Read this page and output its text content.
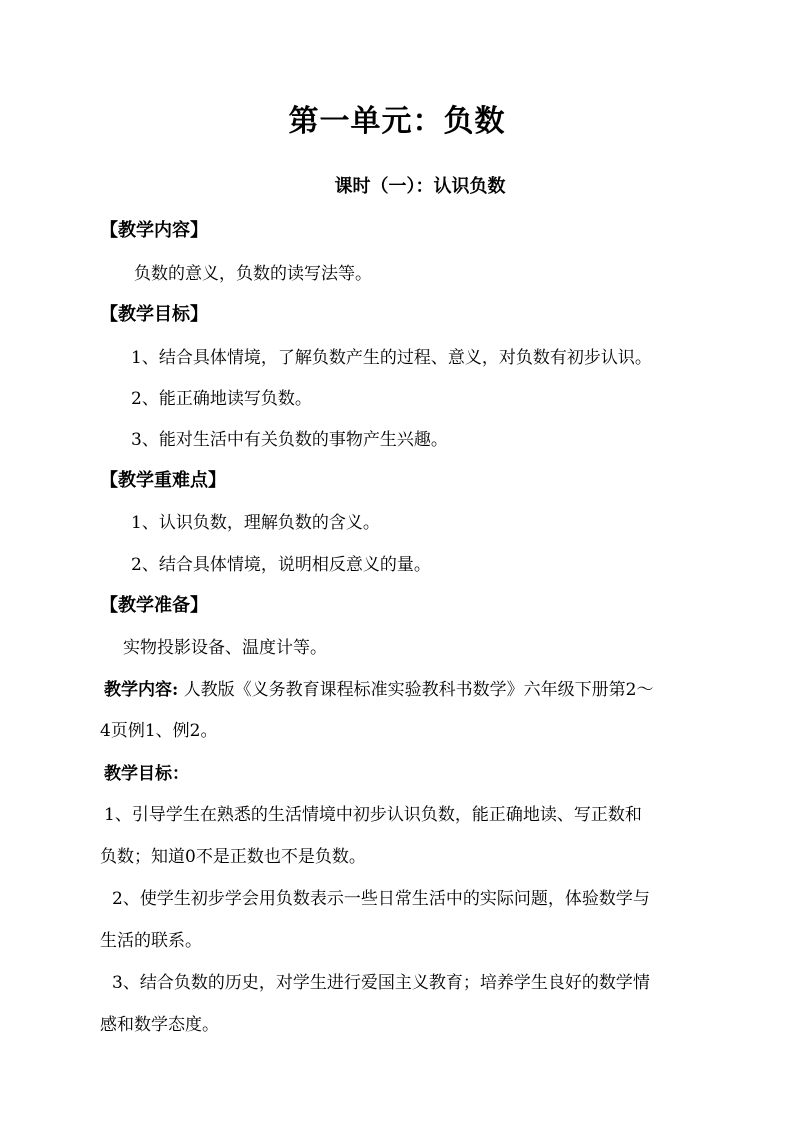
第一单元：负数
课时（一）：认识负数
【教学内容】
负数的意义，负数的读写法等。
【教学目标】
1、结合具体情境，了解负数产生的过程、意义，对负数有初步认识。
2、能正确地读写负数。
3、能对生活中有关负数的事物产生兴趣。
【教学重难点】
1、认识负数，理解负数的含义。
2、结合具体情境，说明相反意义的量。
【教学准备】
实物投影设备、温度计等。
教学内容: 人教版《义务教育课程标准实验教科书数学》六年级下册第2～
4页例1、例2。
教学目标：
1、引导学生在熟悉的生活情境中初步认识负数，能正确地读、写正数和
负数；知道0不是正数也不是负数。
2、使学生初步学会用负数表示一些日常生活中的实际问题，体验数学与
生活的联系。
3、结合负数的历史，对学生进行爱国主义教育；培养学生良好的数学情
感和数学态度。
